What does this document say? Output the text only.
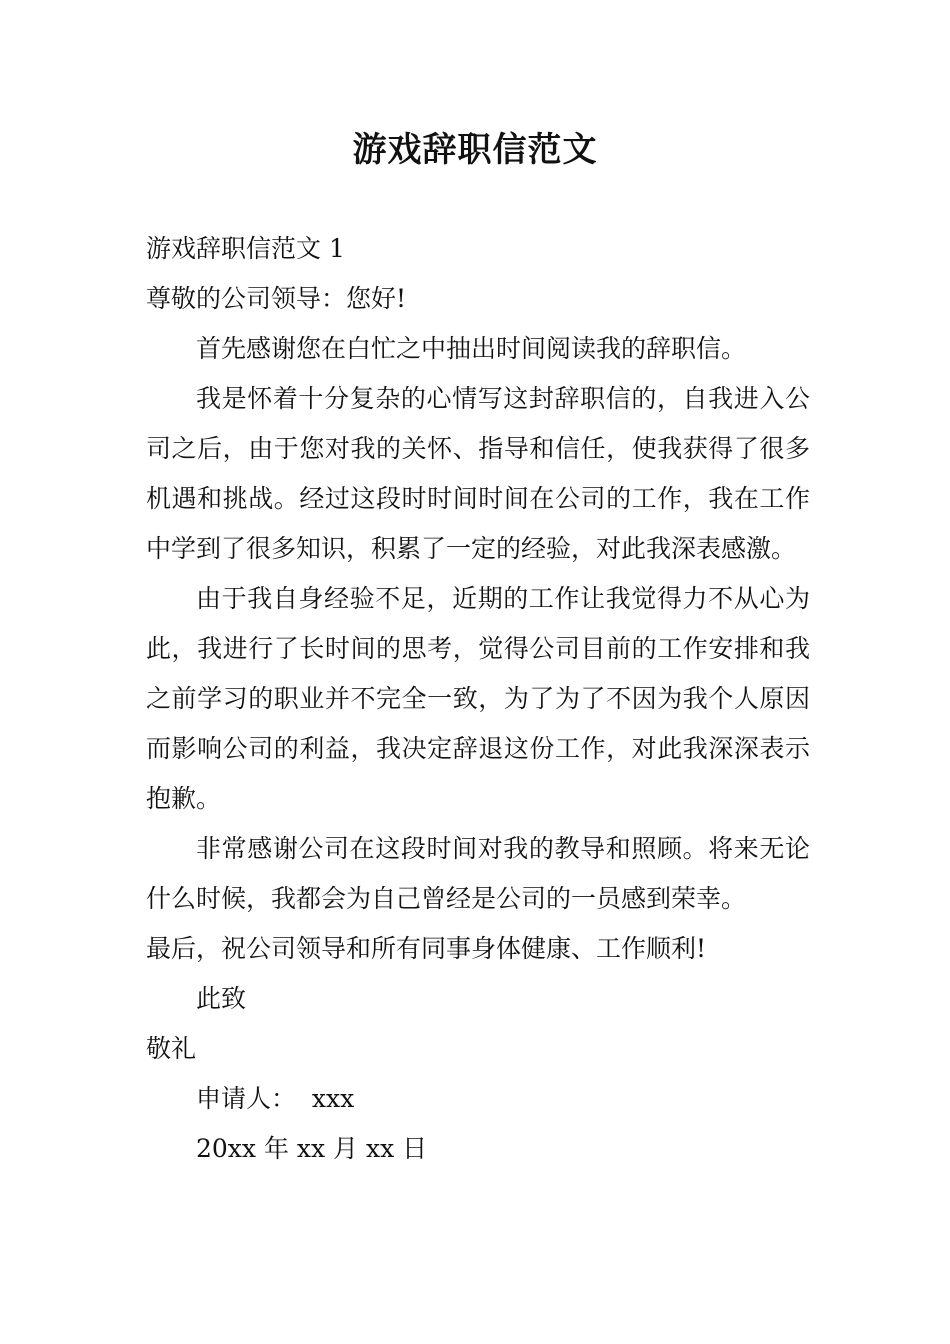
游戏辞职信范文

游戏辞职信范文 1

尊敬的公司领导：您好!

首先感谢您在白忙之中抽出时间阅读我的辞职信。

我是怀着十分复杂的心情写这封辞职信的，自我进入公司之后，由于您对我的关怀、指导和信任，使我获得了很多机遇和挑战。经过这段时时间时间在公司的工作，我在工作中学到了很多知识，积累了一定的经验，对此我深表感激。

由于我自身经验不足，近期的工作让我觉得力不从心为此，我进行了长时间的思考，觉得公司目前的工作安排和我之前学习的职业并不完全一致，为了为了不因为我个人原因而影响公司的利益，我决定辞退这份工作，对此我深深表示抱歉。

非常感谢公司在这段时间对我的教导和照顾。将来无论什么时候，我都会为自己曾经是公司的一员感到荣幸。

最后，祝公司领导和所有同事身体健康、工作顺利!

此致

敬礼

申请人：  xxx

20xx 年 xx 月 xx 日
